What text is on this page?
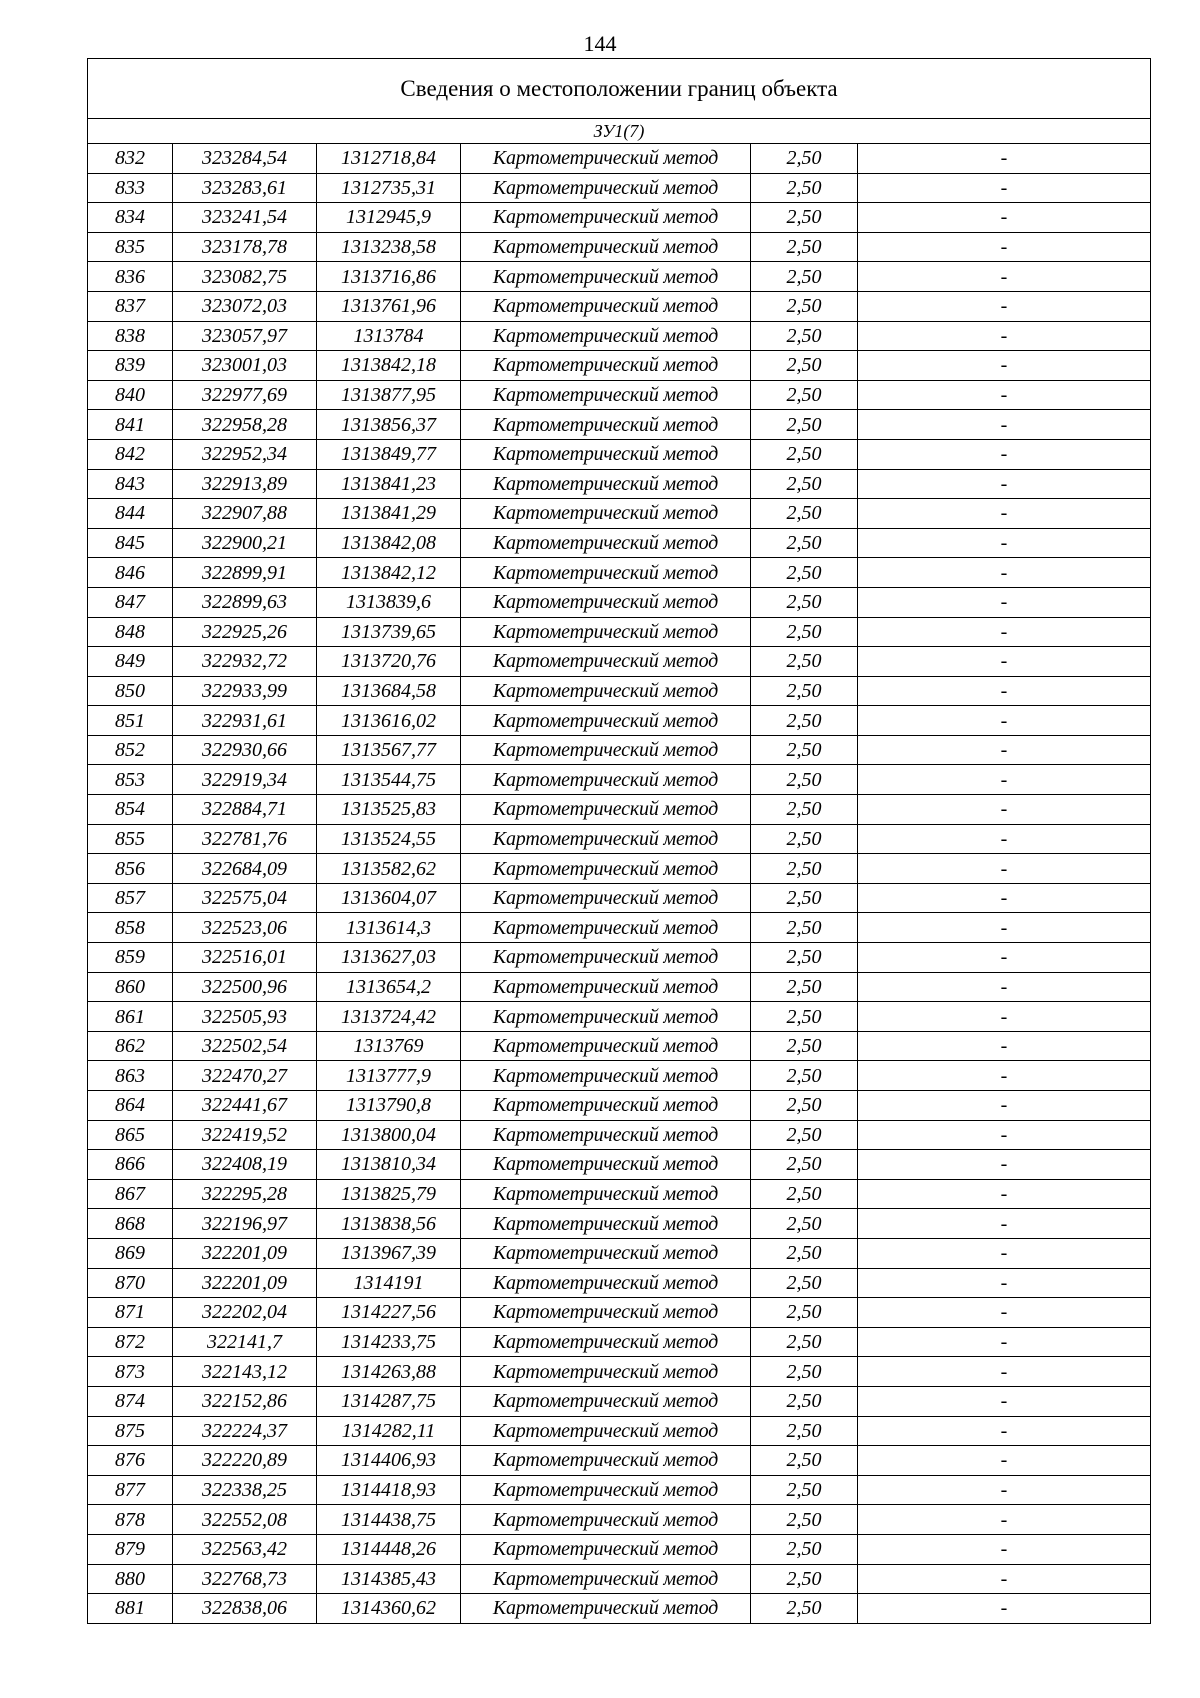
144
Сведения о местоположении границ объекта					
ЗУ1(7)					
832	323284,54	1312718,84	Картометрический метод	2,50	-
833	323283,61	1312735,31	Картометрический метод	2,50	-
834	323241,54	1312945,9	Картометрический метод	2,50	-
835	323178,78	1313238,58	Картометрический метод	2,50	-
836	323082,75	1313716,86	Картометрический метод	2,50	-
837	323072,03	1313761,96	Картометрический метод	2,50	-
838	323057,97	1313784	Картометрический метод	2,50	-
839	323001,03	1313842,18	Картометрический метод	2,50	-
840	322977,69	1313877,95	Картометрический метод	2,50	-
841	322958,28	1313856,37	Картометрический метод	2,50	-
842	322952,34	1313849,77	Картометрический метод	2,50	-
843	322913,89	1313841,23	Картометрический метод	2,50	-
844	322907,88	1313841,29	Картометрический метод	2,50	-
845	322900,21	1313842,08	Картометрический метод	2,50	-
846	322899,91	1313842,12	Картометрический метод	2,50	-
847	322899,63	1313839,6	Картометрический метод	2,50	-
848	322925,26	1313739,65	Картометрический метод	2,50	-
849	322932,72	1313720,76	Картометрический метод	2,50	-
850	322933,99	1313684,58	Картометрический метод	2,50	-
851	322931,61	1313616,02	Картометрический метод	2,50	-
852	322930,66	1313567,77	Картометрический метод	2,50	-
853	322919,34	1313544,75	Картометрический метод	2,50	-
854	322884,71	1313525,83	Картометрический метод	2,50	-
855	322781,76	1313524,55	Картометрический метод	2,50	-
856	322684,09	1313582,62	Картометрический метод	2,50	-
857	322575,04	1313604,07	Картометрический метод	2,50	-
858	322523,06	1313614,3	Картометрический метод	2,50	-
859	322516,01	1313627,03	Картометрический метод	2,50	-
860	322500,96	1313654,2	Картометрический метод	2,50	-
861	322505,93	1313724,42	Картометрический метод	2,50	-
862	322502,54	1313769	Картометрический метод	2,50	-
863	322470,27	1313777,9	Картометрический метод	2,50	-
864	322441,67	1313790,8	Картометрический метод	2,50	-
865	322419,52	1313800,04	Картометрический метод	2,50	-
866	322408,19	1313810,34	Картометрический метод	2,50	-
867	322295,28	1313825,79	Картометрический метод	2,50	-
868	322196,97	1313838,56	Картометрический метод	2,50	-
869	322201,09	1313967,39	Картометрический метод	2,50	-
870	322201,09	1314191	Картометрический метод	2,50	-
871	322202,04	1314227,56	Картометрический метод	2,50	-
872	322141,7	1314233,75	Картометрический метод	2,50	-
873	322143,12	1314263,88	Картометрический метод	2,50	-
874	322152,86	1314287,75	Картометрический метод	2,50	-
875	322224,37	1314282,11	Картометрический метод	2,50	-
876	322220,89	1314406,93	Картометрический метод	2,50	-
877	322338,25	1314418,93	Картометрический метод	2,50	-
878	322552,08	1314438,75	Картометрический метод	2,50	-
879	322563,42	1314448,26	Картометрический метод	2,50	-
880	322768,73	1314385,43	Картометрический метод	2,50	-
881	322838,06	1314360,62	Картометрический метод	2,50	-
